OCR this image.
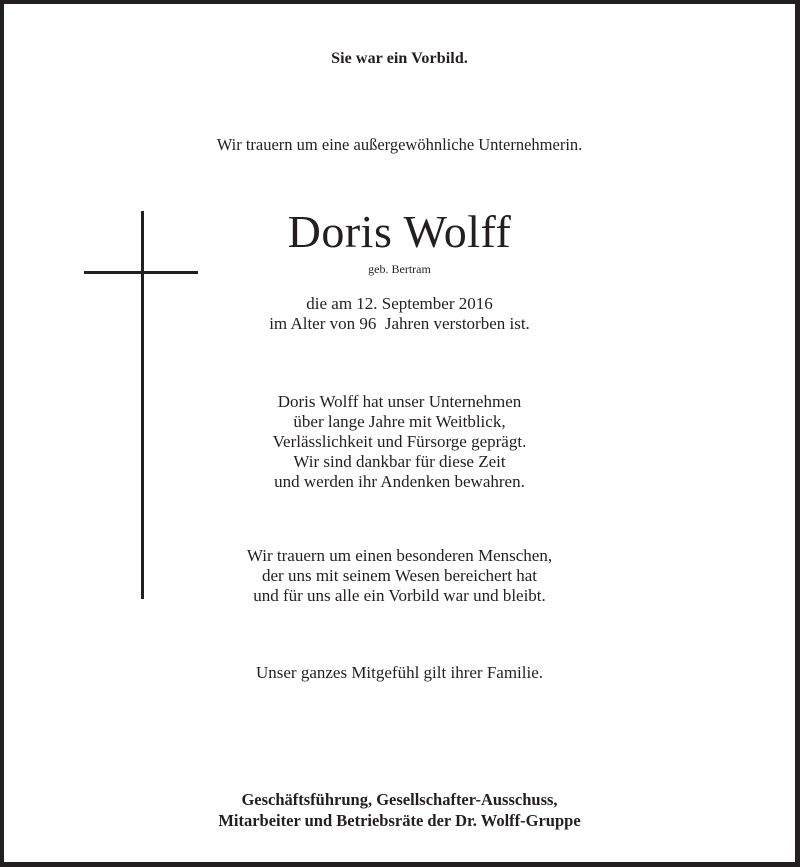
Sie war ein Vorbild.
Wir trauern um eine außergewöhnliche Unternehmerin.
Doris Wolff
geb. Bertram
die am 12. September 2016
im Alter von 96  Jahren verstorben ist.
Doris Wolff hat unser Unternehmen
über lange Jahre mit Weitblick,
Verlässlichkeit und Fürsorge geprägt.
Wir sind dankbar für diese Zeit
und werden ihr Andenken bewahren.
Wir trauern um einen besonderen Menschen,
der uns mit seinem Wesen bereichert hat
und für uns alle ein Vorbild war und bleibt.
Unser ganzes Mitgefühl gilt ihrer Familie.
Geschäftsführung, Gesellschafter-Ausschuss,
Mitarbeiter und Betriebsräte der Dr. Wolff-Gruppe
